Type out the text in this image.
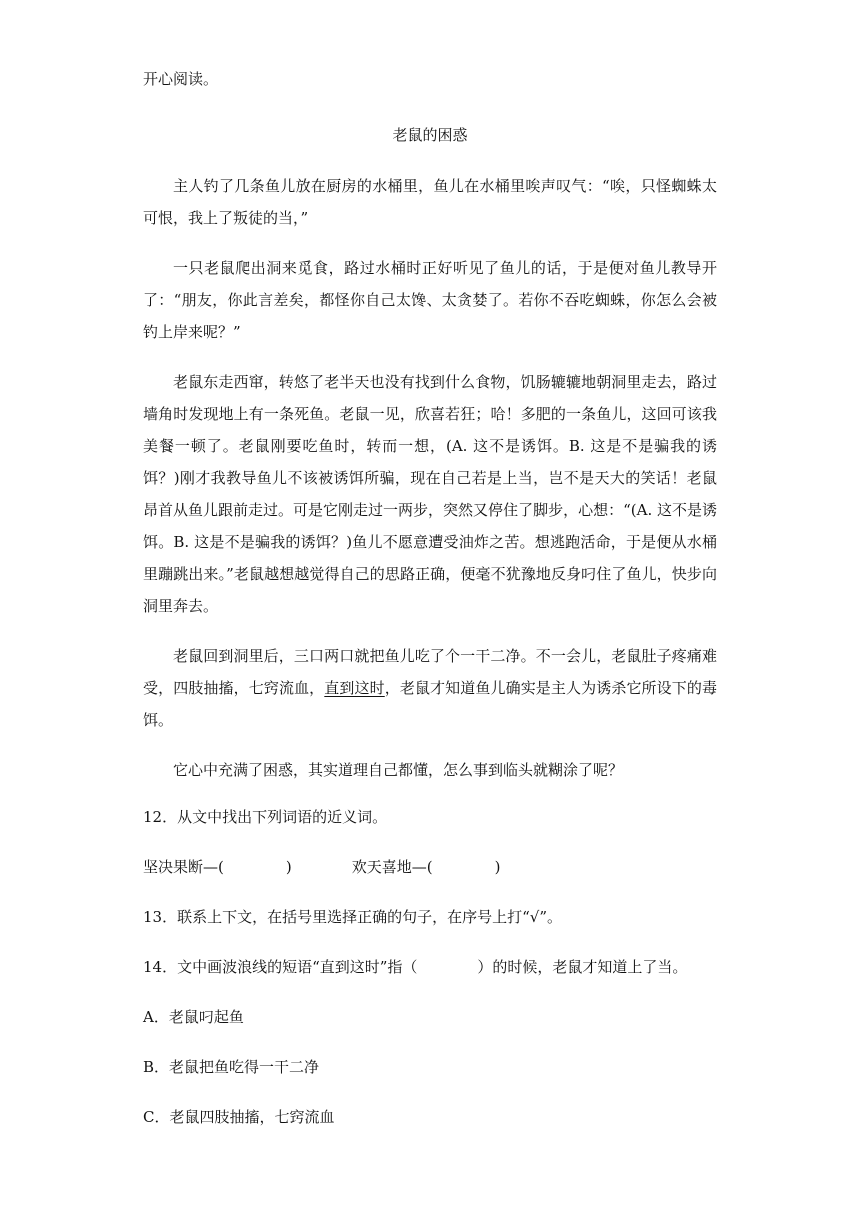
开心阅读。

老鼠的困惑

主人钓了几条鱼儿放在厨房的水桶里，鱼儿在水桶里唉声叹气：“唉，只怪蜘蛛太可恨，我上了叛徒的当，”

一只老鼠爬出洞来觅食，路过水桶时正好听见了鱼儿的话，于是便对鱼儿教导开了：“朋友，你此言差矣，都怪你自己太馋、太贪婪了。若你不吞吃蜘蛛，你怎么会被钓上岸来呢？”

老鼠东走西窜，转悠了老半天也没有找到什么食物，饥肠辘辘地朝洞里走去，路过墙角时发现地上有一条死鱼。老鼠一见，欣喜若狂；哈！多肥的一条鱼儿，这回可该我美餐一顿了。老鼠刚要吃鱼时，转而一想，(A. 这不是诱饵。B. 这是不是骗我的诱饵？)刚才我教导鱼儿不该被诱饵所骗，现在自己若是上当，岂不是天大的笑话！老鼠昂首从鱼儿跟前走过。可是它刚走过一两步，突然又停住了脚步，心想：“(A. 这不是诱饵。B. 这是不是骗我的诱饵？)鱼儿不愿意遭受油炸之苦。想逃跑活命，于是便从水桶里蹦跳出来。”老鼠越想越觉得自己的思路正确，便毫不犹豫地反身叼住了鱼儿，快步向洞里奔去。

老鼠回到洞里后，三口两口就把鱼儿吃了个一干二净。不一会儿，老鼠肚子疼痛难受，四肢抽搐，七窍流血，直到这时，老鼠才知道鱼儿确实是主人为诱杀它所设下的毒饵。

它心中充满了困惑，其实道理自己都懂，怎么事到临头就糊涂了呢？

12．从文中找出下列词语的近义词。

坚决果断—(	)	欢天喜地—(	)

13．联系上下文，在括号里选择正确的句子，在序号上打“√”。

14．文中画波浪线的短语“直到这时”指（　　　　）的时候，老鼠才知道上了当。

A．老鼠叼起鱼

B．老鼠把鱼吃得一干二净

C．老鼠四肢抽搐，七窍流血
